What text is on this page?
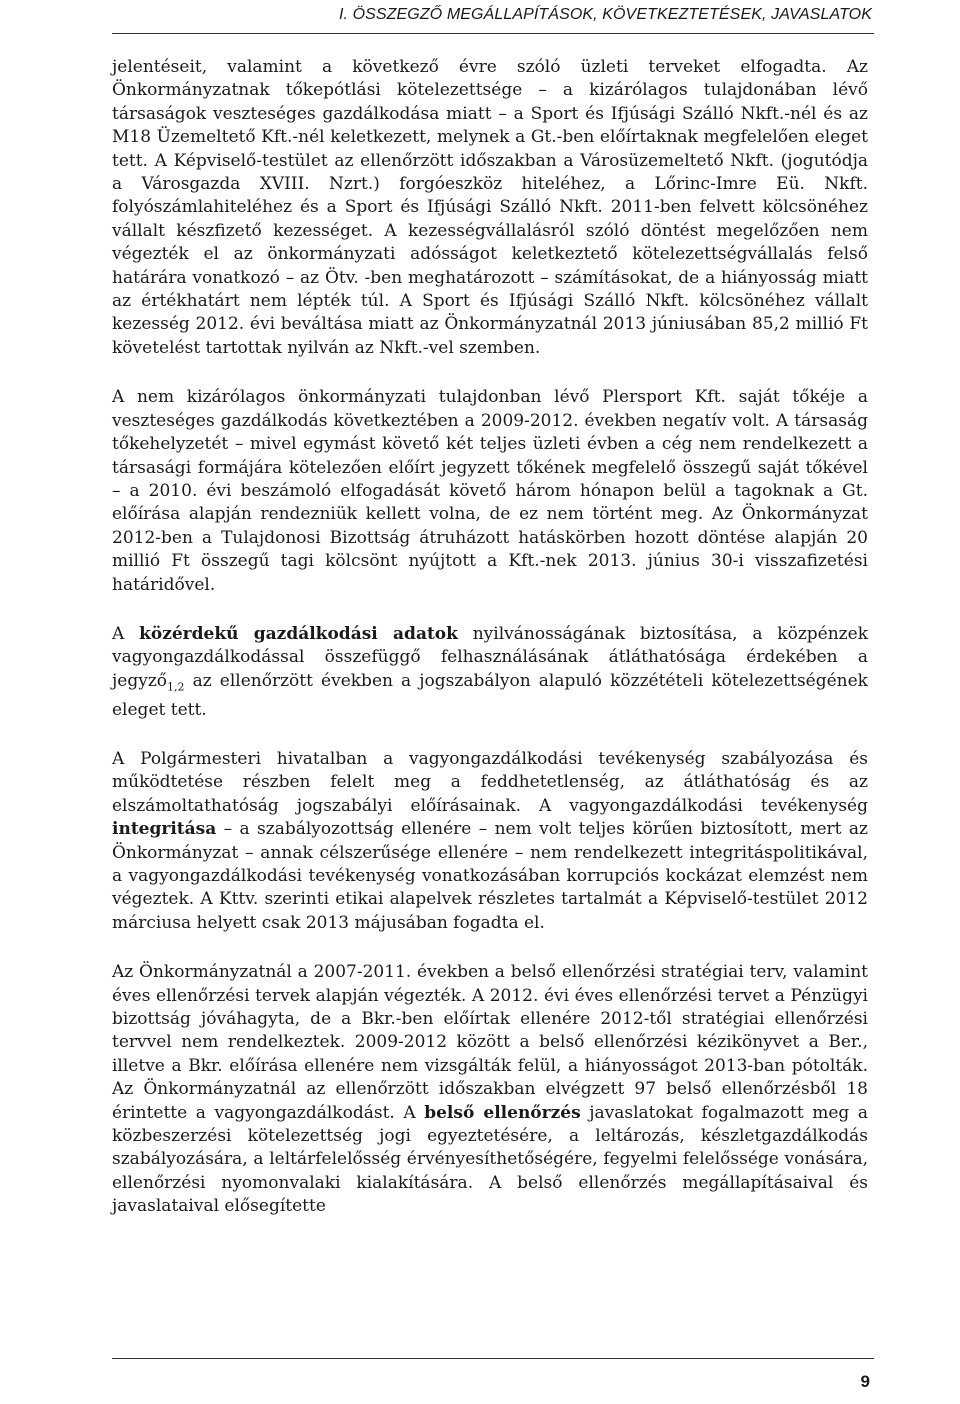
I. ÖSSZEGZŐ MEGÁLLAPÍTÁSOK, KÖVETKEZTETÉSEK, JAVASLATOK

jelentéseit, valamint a következő évre szóló üzleti terveket elfogadta. Az Önkormányzatnak tőkepótlási kötelezettsége – a kizárólagos tulajdonában lévő társaságok veszteséges gazdálkodása miatt – a Sport és Ifjúsági Szálló Nkft.-nél és az M18 Üzemeltető Kft.-nél keletkezett, melynek a Gt.-ben előírtaknak megfelelően eleget tett. A Képviselő-testület az ellenőrzött időszakban a Városüzemeltető Nkft. (jogutódja a Városgazda XVIII. Nzrt.) forgóeszköz hiteléhez, a Lőrinc-Imre Eü. Nkft. folyószámlahiteléhez és a Sport és Ifjúsági Szálló Nkft. 2011-ben felvett kölcsönéhez vállalt készfizető kezességet. A kezességvállalásról szóló döntést megelőzően nem végezték el az önkormányzati adósságot keletkeztető kötelezettségvállalás felső határára vonatkozó – az Ötv. -ben meghatározott – számításokat, de a hiányosság miatt az értékhatárt nem lépték túl. A Sport és Ifjúsági Szálló Nkft. kölcsönéhez vállalt kezesség 2012. évi beváltása miatt az Önkormányzatnál 2013 júniusában 85,2 millió Ft követelést tartottak nyilván az Nkft.-vel szemben.

A nem kizárólagos önkormányzati tulajdonban lévő Plersport Kft. saját tőkéje a veszteséges gazdálkodás következtében a 2009-2012. években negatív volt. A társaság tőkehelyzetét – mivel egymást követő két teljes üzleti évben a cég nem rendelkezett a társasági formájára kötelezően előírt jegyzett tőkének megfelelő összegű saját tőkével – a 2010. évi beszámoló elfogadását követő három hónapon belül a tagoknak a Gt. előírása alapján rendezniük kellett volna, de ez nem történt meg. Az Önkormányzat 2012-ben a Tulajdonosi Bizottság átruházott hatáskörben hozott döntése alapján 20 millió Ft összegű tagi kölcsönt nyújtott a Kft.-nek 2013. június 30-i visszafizetési határidővel.

A közérdekű gazdálkodási adatok nyilvánosságának biztosítása, a közpénzek vagyongazdálkodással összefüggő felhasználásának átláthatósága érdekében a jegyző$_{1,2}$ az ellenőrzött években a jogszabályon alapuló közzétételi kötelezettségének eleget tett.

A Polgármesteri hivatalban a vagyongazdálkodási tevékenység szabályozása és működtetése részben felelt meg a feddhetetlenség, az átláthatóság és az elszámoltathatóság jogszabályi előírásainak. A vagyongazdálkodási tevékenység integritása – a szabályozottság ellenére – nem volt teljes körűen biztosított, mert az Önkormányzat – annak célszerűsége ellenére – nem rendelkezett integritáspolitikával, a vagyongazdálkodási tevékenység vonatkozásában korrupciós kockázat elemzést nem végeztek. A Kttv. szerinti etikai alapelvek részletes tartalmát a Képviselő-testület 2012 márciusa helyett csak 2013 májusában fogadta el.

Az Önkormányzatnál a 2007-2011. években a belső ellenőrzési stratégiai terv, valamint éves ellenőrzési tervek alapján végezték. A 2012. évi éves ellenőrzési tervet a Pénzügyi bizottság jóváhagyta, de a Bkr.-ben előírtak ellenére 2012-től stratégiai ellenőrzési tervvel nem rendelkeztek. 2009-2012 között a belső ellenőrzési kézikönyvet a Ber., illetve a Bkr. előírása ellenére nem vizsgálták felül, a hiányosságot 2013-ban pótolták. Az Önkormányzatnál az ellenőrzött időszakban elvégzett 97 belső ellenőrzésből 18 érintette a vagyongazdálkodást. A belső ellenőrzés javaslatokat fogalmazott meg a közbeszerzési kötelezettség jogi egyeztetésére, a leltározás, készletgazdálkodás szabályozására, a leltárfelelősség érvényesíthetőségére, fegyelmi felelőssége vonására, ellenőrzési nyomonvalaki kialakítására. A belső ellenőrzés megállapításaival és javaslataival elősegítette

9
